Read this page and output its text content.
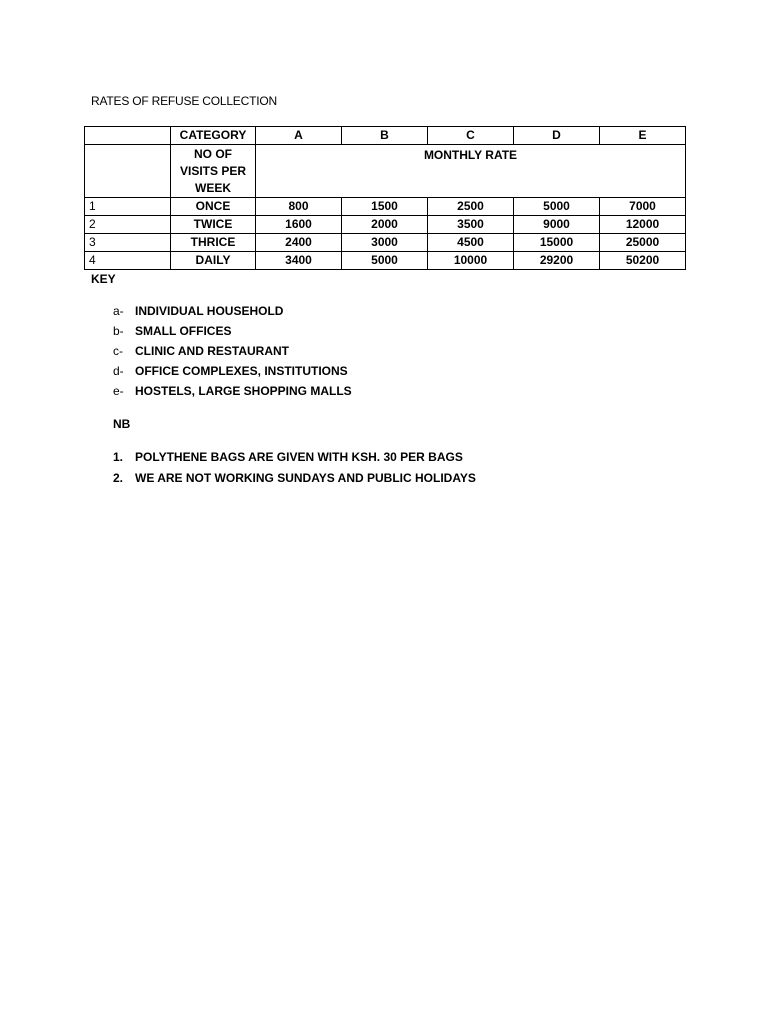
RATES OF REFUSE COLLECTION
	CATEGORY	A	B	C	D	E
	NO OF VISITS PER WEEK	MONTHLY RATE				
1	ONCE	800	1500	2500	5000	7000
2	TWICE	1600	2000	3500	9000	12000
3	THRICE	2400	3000	4500	15000	25000
4	DAILY	3400	5000	10000	29200	50200
KEY
a- INDIVIDUAL HOUSEHOLD
b- SMALL OFFICES
c- CLINIC AND RESTAURANT
d- OFFICE COMPLEXES, INSTITUTIONS
e- HOSTELS, LARGE SHOPPING MALLS
NB
1. POLYTHENE BAGS ARE GIVEN WITH KSH. 30 PER BAGS
2. WE ARE NOT WORKING SUNDAYS AND PUBLIC HOLIDAYS
